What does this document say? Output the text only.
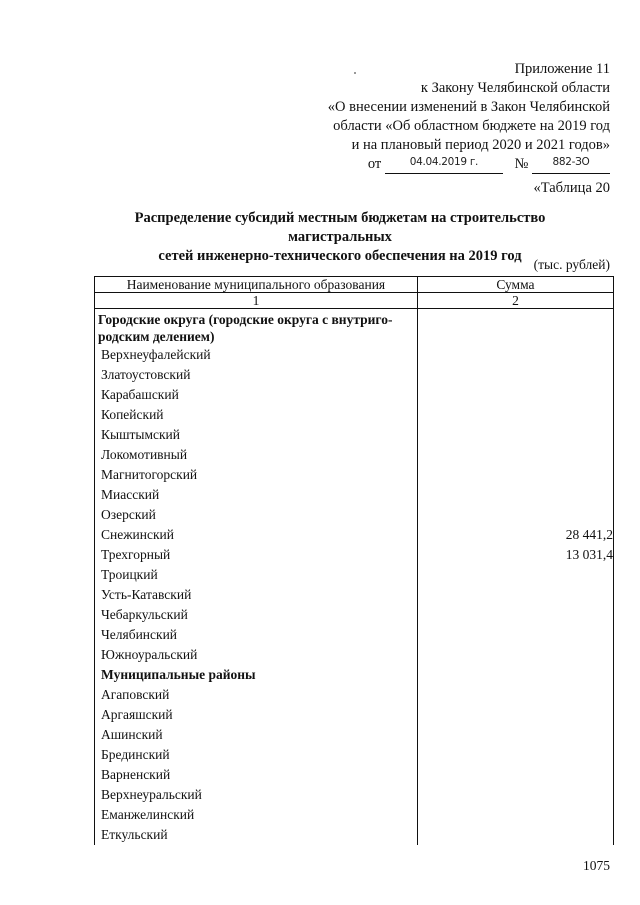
Приложение 11
к Закону Челябинской области
«О внесении изменений в Закон Челябинской
области «Об областном бюджете на 2019 год
и на плановый период 2020 и 2021 годов»
от	04.04.2019 г.	№	882-ЗО
«Таблица 20
Распределение субсидий местным бюджетам на строительство магистральных
сетей инженерно-технического обеспечения на 2019 год
(тыс. рублей)
Наименование муниципального образования	Сумма
1	2

Городские округа (городские округа с внутриго-
родским делением)	

Верхнеуфалейский	
Златоустовский	
Карабашский	
Копейский	
Кыштымский	
Локомотивный	
Магнитогорский	
Миасский	
Озерский	
Снежинский	28 441,2
Трехгорный	13 031,4
Троицкий	
Усть-Катавский	
Чебаркульский	
Челябинский	
Южноуральский	
Муниципальные районы	
Агаповский	
Аргаяшский	
Ашинский	
Брединский	
Варненский	
Верхнеуральский	
Еманжелинский	
Еткульский	
1075
